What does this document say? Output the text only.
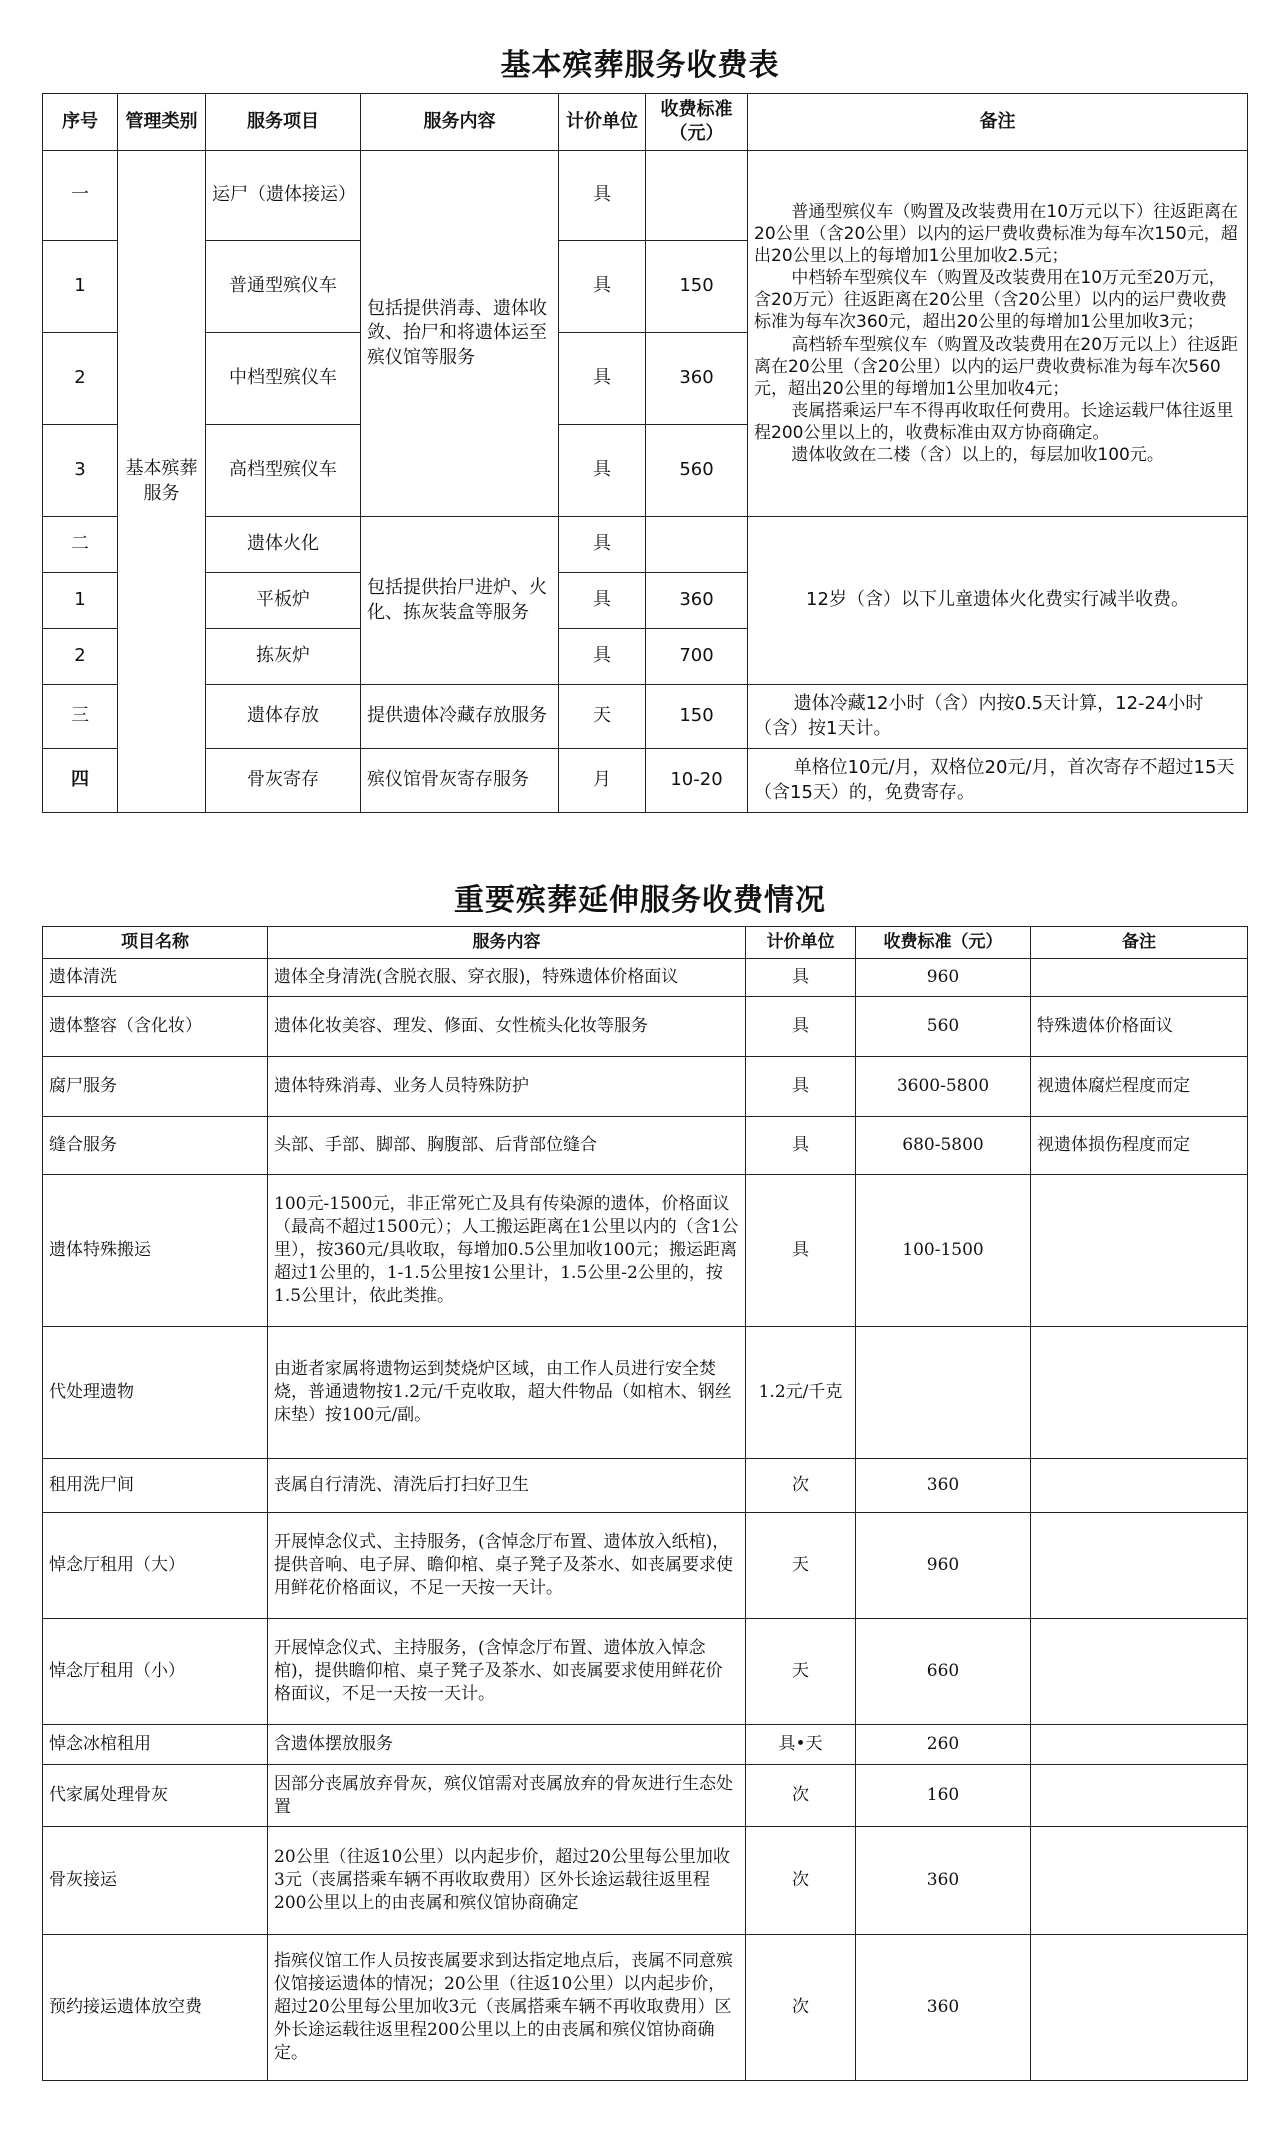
基本殡葬服务收费表
序号	管理类别	服务项目	服务内容	计价单位	收费标准（元）	备注
一	基本殡葬服务	运尸（遗体接运）	包括提供消毒、遗体收敛、抬尸和将遗体运至殡仪馆等服务	具		普通型殡仪车（购置及改装费用在10万元以下）往返距离在20公里（含20公里）以内的运尸费收费标准为每车次150元，超出20公里以上的每增加1公里加收2.5元；

中档轿车型殡仪车（购置及改装费用在10万元至20万元，含20万元）往返距离在20公里（含20公里）以内的运尸费收费标准为每车次360元，超出20公里的每增加1公里加收3元；

高档轿车型殡仪车（购置及改装费用在20万元以上）往返距离在20公里（含20公里）以内的运尸费收费标准为每车次560元，超出20公里的每增加1公里加收4元；

丧属搭乘运尸车不得再收取任何费用。长途运载尸体往返里程200公里以上的，收费标准由双方协商确定。

遗体收敛在二楼（含）以上的，每层加收100元。

1		普通型殡仪车		具	150	
2		中档型殡仪车		具	360	
3		高档型殡仪车		具	560	
二		遗体火化	包括提供抬尸进炉、火化、拣灰装盒等服务	具		12岁（含）以下儿童遗体火化费实行减半收费。
1		平板炉		具	360	
2		拣灰炉		具	700	
三		遗体存放	提供遗体冷藏存放服务	天	150	遗体冷藏12小时（含）内按0.5天计算，12-24小时（含）按1天计。
四		骨灰寄存	殡仪馆骨灰寄存服务	月	10-20	单格位10元/月，双格位20元/月，首次寄存不超过15天（含15天）的，免费寄存。
重要殡葬延伸服务收费情况
项目名称	服务内容	计价单位	收费标准（元）	备注
遗体清洗	遗体全身清洗(含脱衣服、穿衣服)，特殊遗体价格面议	具	960	
遗体整容（含化妆）	遗体化妆美容、理发、修面、女性梳头化妆等服务	具	560	特殊遗体价格面议
腐尸服务	遗体特殊消毒、业务人员特殊防护	具	3600-5800	视遗体腐烂程度而定
缝合服务	头部、手部、脚部、胸腹部、后背部位缝合	具	680-5800	视遗体损伤程度而定
遗体特殊搬运	100元-1500元，非正常死亡及具有传染源的遗体，价格面议（最高不超过1500元）；人工搬运距离在1公里以内的（含1公里），按360元/具收取，每增加0.5公里加收100元；搬运距离超过1公里的，1-1.5公里按1公里计，1.5公里-2公里的，按1.5公里计，依此类推。	具	100-1500	
代处理遗物	由逝者家属将遗物运到焚烧炉区域，由工作人员进行安全焚烧，普通遗物按1.2元/千克收取，超大件物品（如棺木、钢丝床垫）按100元/副。	1.2元/千克		
租用洗尸间	丧属自行清洗、清洗后打扫好卫生	次	360	
悼念厅租用（大）	开展悼念仪式、主持服务，(含悼念厅布置、遗体放入纸棺)，提供音响、电子屏、瞻仰棺、桌子凳子及茶水、如丧属要求使用鲜花价格面议，不足一天按一天计。	天	960	
悼念厅租用（小）	开展悼念仪式、主持服务，(含悼念厅布置、遗体放入悼念棺)，提供瞻仰棺、桌子凳子及茶水、如丧属要求使用鲜花价格面议，不足一天按一天计。	天	660	
悼念冰棺租用	含遗体摆放服务	具•天	260	
代家属处理骨灰	因部分丧属放弃骨灰，殡仪馆需对丧属放弃的骨灰进行生态处置	次	160	
骨灰接运	20公里（往返10公里）以内起步价，超过20公里每公里加收3元（丧属搭乘车辆不再收取费用）区外长途运载往返里程200公里以上的由丧属和殡仪馆协商确定	次	360	
预约接运遗体放空费	指殡仪馆工作人员按丧属要求到达指定地点后，丧属不同意殡仪馆接运遗体的情况；20公里（往返10公里）以内起步价，超过20公里每公里加收3元（丧属搭乘车辆不再收取费用）区外长途运载往返里程200公里以上的由丧属和殡仪馆协商确定。	次	360	
